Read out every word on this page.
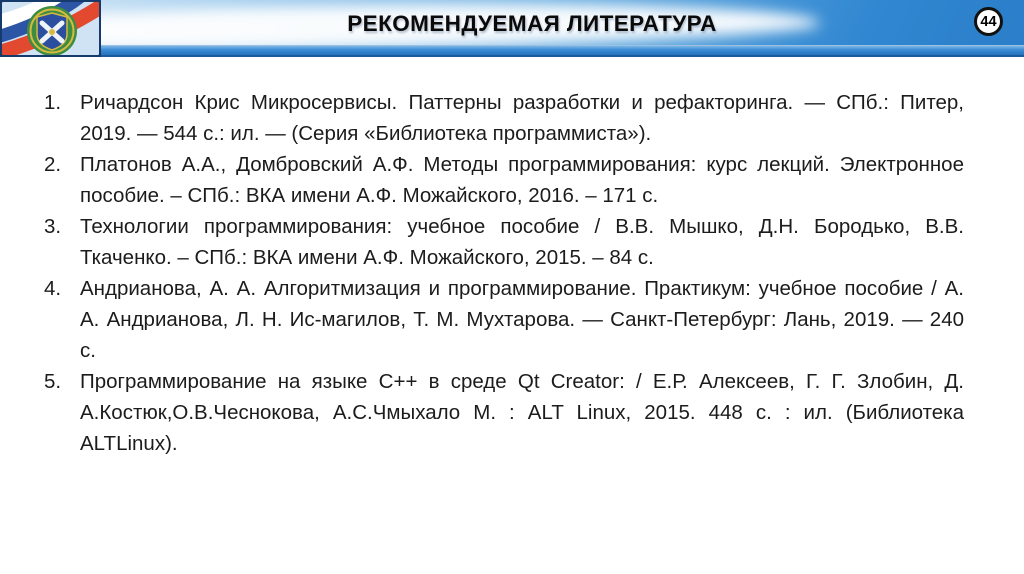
РЕКОМЕНДУЕМАЯ ЛИТЕРАТУРА	44
1. Ричардсон Крис Микросервисы. Паттерны разработки и рефакторинга. — СПб.: Питер, 2019. — 544 с.: ил. — (Серия «Библиотека программиста»).
2. Платонов А.А., Домбровский А.Ф. Методы программирования: курс лекций. Электронное пособие. – СПб.: ВКА имени А.Ф. Можайского, 2016. – 171 с.
3. Технологии программирования: учебное пособие / В.В. Мышко, Д.Н. Бородько, В.В. Ткаченко. – СПб.: ВКА имени А.Ф. Можайского, 2015. – 84 с.
4. Андрианова, А. А. Алгоритмизация и программирование. Практикум: учебное пособие / А. А. Андрианова, Л. Н. Ис-магилов, Т. М. Мухтарова. — Санкт-Петербург: Лань, 2019. — 240 с.
5. Программирование на языке C++ в среде Qt Creator: / Е.Р. Алексеев, Г. Г. Злобин, Д. А.Костюк,О.В.Чеснокова, А.С.Чмыхало М. : ALT Linux, 2015. 448 с. : ил. (Библиотека ALTLinux).
